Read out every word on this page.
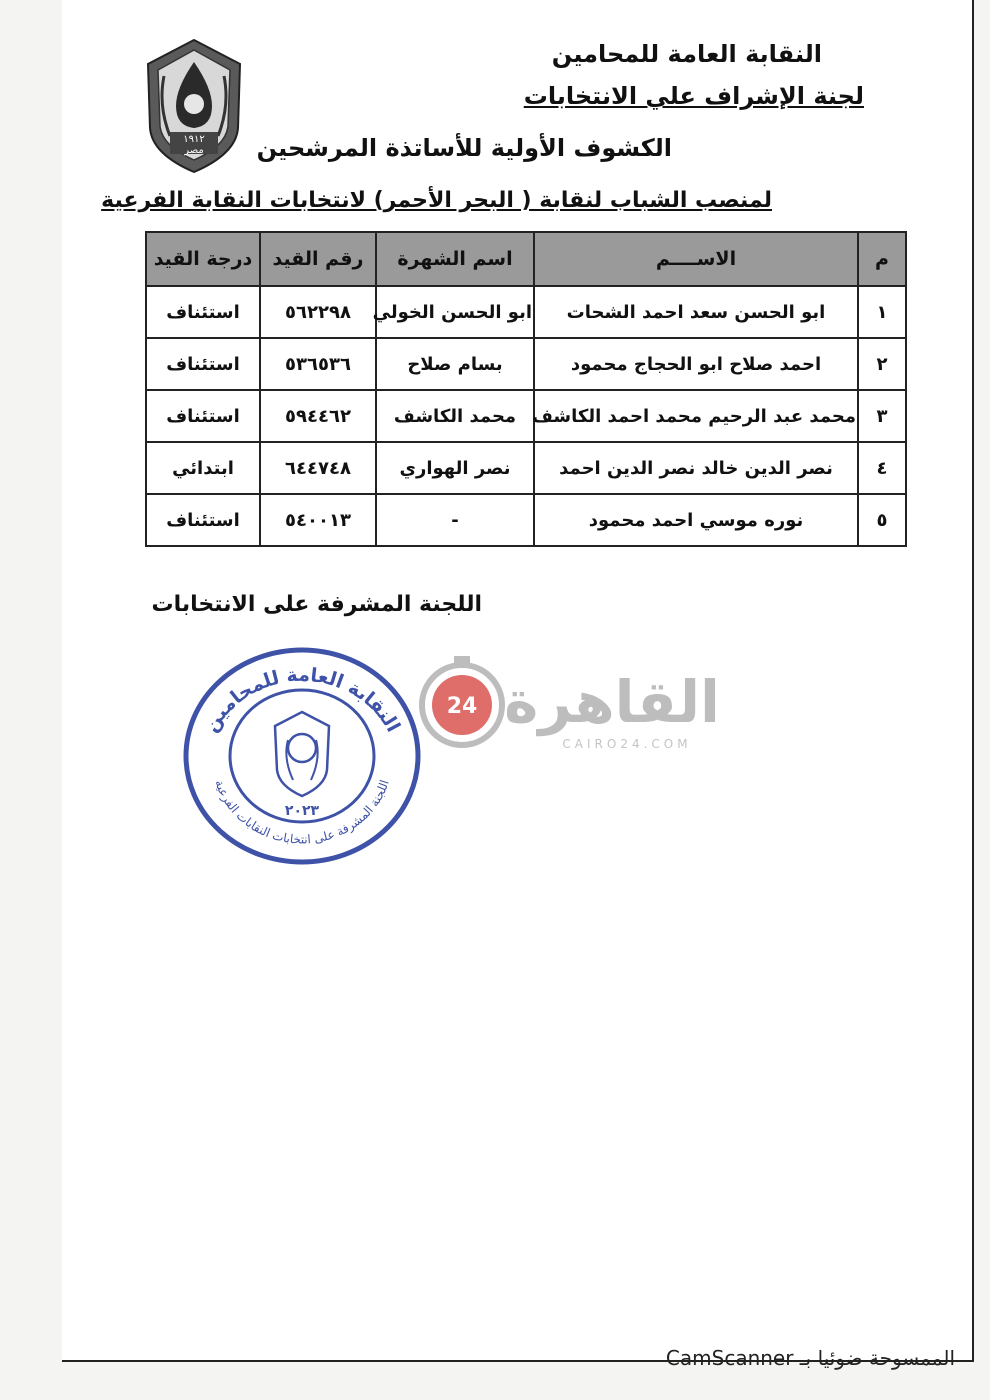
١٩١٢
مصر
النقابة العامة للمحامين
لجنة الإشراف علي الانتخابات
الكشوف الأولية للأساتذة المرشحين
لمنصب الشباب لنقابة ( البحر الأحمر) لانتخابات النقابة الفرعية
م	الاســــم	اسم الشهرة	رقم القيد	درجة القيد
١	ابو الحسن سعد احمد الشحات	ابو الحسن الخولي	٥٦٢٢٩٨	استئناف
٢	احمد صلاح ابو الحجاج محمود	بسام صلاح	٥٣٦٥٣٦	استئناف
٣	محمد عبد الرحيم محمد احمد الكاشف	محمد الكاشف	٥٩٤٤٦٢	استئناف
٤	نصر الدين خالد نصر الدين احمد	نصر الهواري	٦٤٤٧٤٨	ابتدائي
٥	نوره موسي احمد محمود	-	٥٤٠٠١٣	استئناف
اللجنة المشرفة على الانتخابات
النقابة العامة للمحامين
اللجنة المشرفة على انتخابات النقابات الفرعية
٢٠٢٣
24 القاهرة
CAIRO24.COM
الممسوحة ضوئيا بـ CamScanner
